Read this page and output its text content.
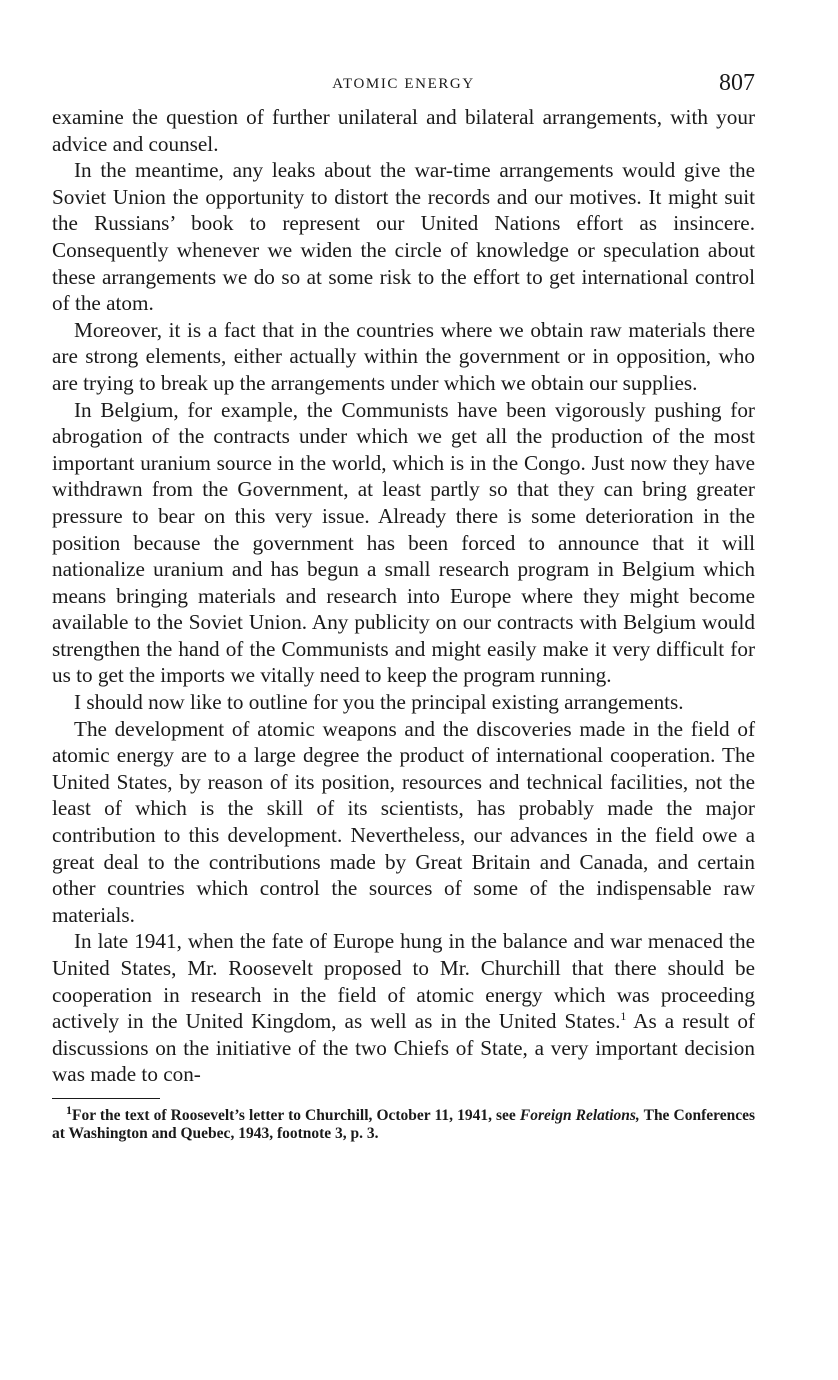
ATOMIC ENERGY	807

examine the question of further unilateral and bilateral arrangements, with your advice and counsel.

In the meantime, any leaks about the war-time arrangements would give the Soviet Union the opportunity to distort the records and our motives. It might suit the Russians’ book to represent our United Nations effort as insincere. Consequently whenever we widen the circle of knowledge or speculation about these arrangements we do so at some risk to the effort to get international control of the atom.

Moreover, it is a fact that in the countries where we obtain raw materials there are strong elements, either actually within the government or in opposition, who are trying to break up the arrangements under which we obtain our supplies.

In Belgium, for example, the Communists have been vigorously pushing for abrogation of the contracts under which we get all the production of the most important uranium source in the world, which is in the Congo. Just now they have withdrawn from the Government, at least partly so that they can bring greater pressure to bear on this very issue. Already there is some deterioration in the position because the government has been forced to announce that it will nationalize uranium and has begun a small research program in Belgium which means bringing materials and research into Europe where they might become available to the Soviet Union. Any publicity on our contracts with Belgium would strengthen the hand of the Communists and might easily make it very difficult for us to get the imports we vitally need to keep the program running.

I should now like to outline for you the principal existing arrangements.

The development of atomic weapons and the discoveries made in the field of atomic energy are to a large degree the product of international cooperation. The United States, by reason of its position, resources and technical facilities, not the least of which is the skill of its scientists, has probably made the major contribution to this development. Nevertheless, our advances in the field owe a great deal to the contributions made by Great Britain and Canada, and certain other countries which control the sources of some of the indispensable raw materials.

In late 1941, when the fate of Europe hung in the balance and war menaced the United States, Mr. Roosevelt proposed to Mr. Churchill that there should be cooperation in research in the field of atomic energy which was proceeding actively in the United Kingdom, as well as in the United States.$^1$ As a result of discussions on the initiative of the two Chiefs of State, a very important decision was made to con-

$^1$For the text of Roosevelt’s letter to Churchill, October 11, 1941, see Foreign Relations, The Conferences at Washington and Quebec, 1943, footnote 3, p. 3.
